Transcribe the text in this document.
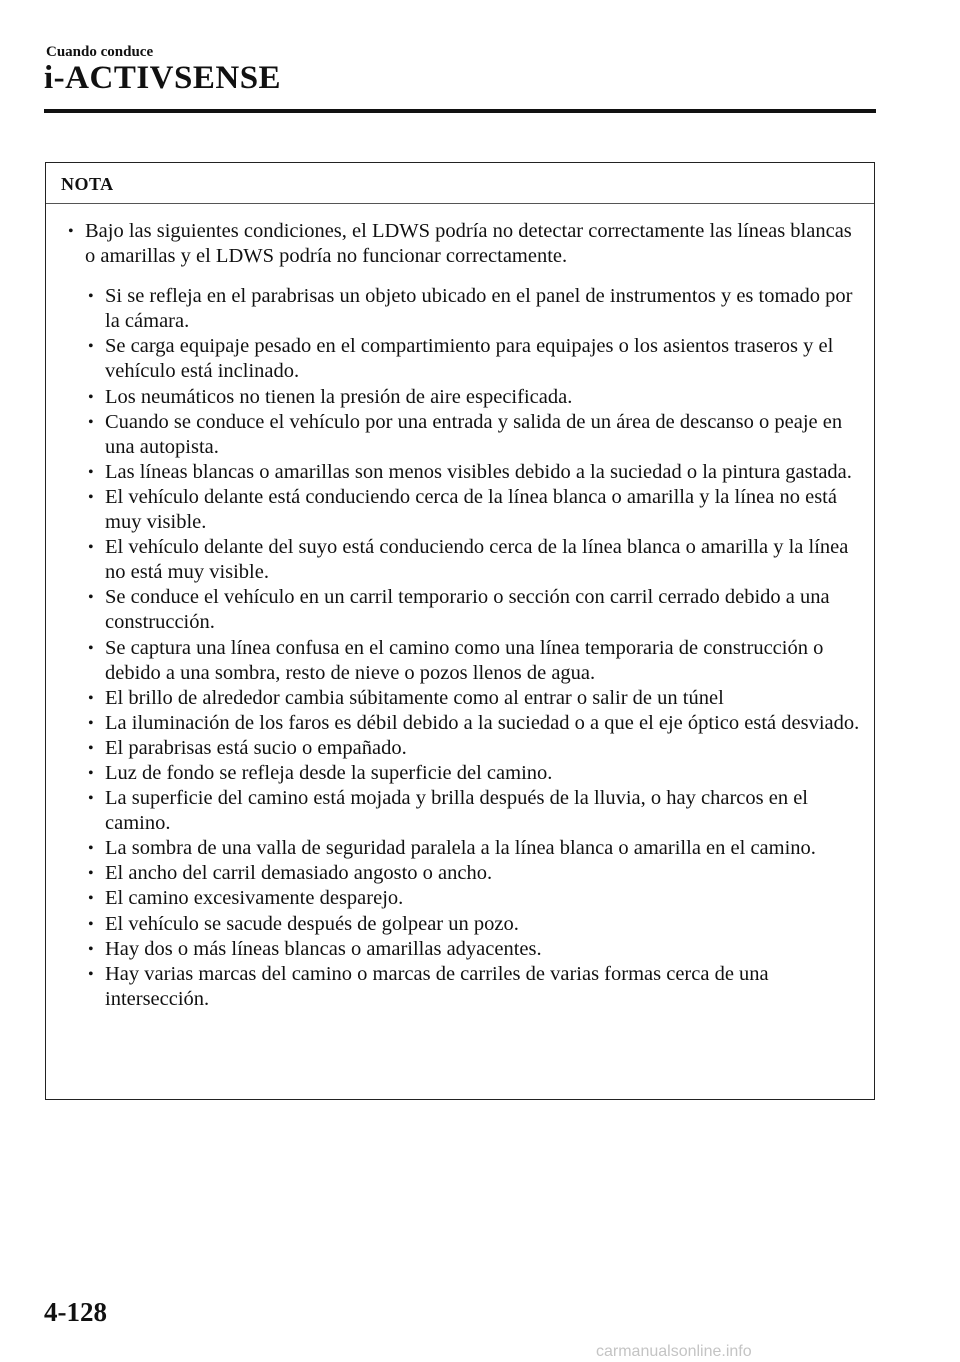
Cuando conduce

i-ACTIVSENSE
NOTA
• Bajo las siguientes condiciones, el LDWS podría no detectar correctamente las líneas blancas o amarillas y el LDWS podría no funcionar correctamente.
• Si se refleja en el parabrisas un objeto ubicado en el panel de instrumentos y es tomado por la cámara.
• Se carga equipaje pesado en el compartimiento para equipajes o los asientos traseros y el vehículo está inclinado.
• Los neumáticos no tienen la presión de aire especificada.
• Cuando se conduce el vehículo por una entrada y salida de un área de descanso o peaje en una autopista.
• Las líneas blancas o amarillas son menos visibles debido a la suciedad o la pintura gastada.
• El vehículo delante está conduciendo cerca de la línea blanca o amarilla y la línea no está muy visible.
• El vehículo delante del suyo está conduciendo cerca de la línea blanca o amarilla y la línea no está muy visible.
• Se conduce el vehículo en un carril temporario o sección con carril cerrado debido a una construcción.
• Se captura una línea confusa en el camino como una línea temporaria de construcción o debido a una sombra, resto de nieve o pozos llenos de agua.
• El brillo de alrededor cambia súbitamente como al entrar o salir de un túnel
• La iluminación de los faros es débil debido a la suciedad o a que el eje óptico está desviado.
• El parabrisas está sucio o empañado.
• Luz de fondo se refleja desde la superficie del camino.
• La superficie del camino está mojada y brilla después de la lluvia, o hay charcos en el camino.
• La sombra de una valla de seguridad paralela a la línea blanca o amarilla en el camino.
• El ancho del carril demasiado angosto o ancho.
• El camino excesivamente desparejo.
• El vehículo se sacude después de golpear un pozo.
• Hay dos o más líneas blancas o amarillas adyacentes.
• Hay varias marcas del camino o marcas de carriles de varias formas cerca de una intersección.

4-128

carmanualsonline.info
